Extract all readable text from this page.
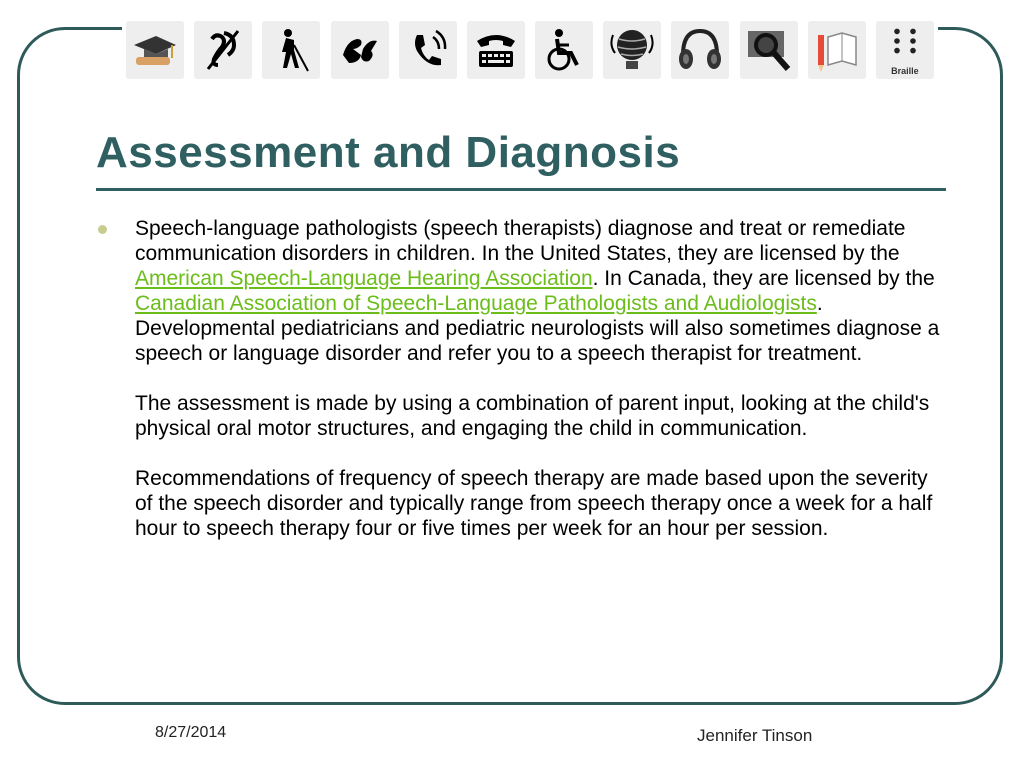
Braille
Assessment and Diagnosis

Speech-language pathologists (speech therapists) diagnose and treat or remediate communication disorders in children. In the United States, they are licensed by the American Speech-Language Hearing Association. In Canada, they are licensed by the Canadian Association of Speech-Language Pathologists and Audiologists. Developmental pediatricians and pediatric neurologists will also sometimes diagnose a speech or language disorder and refer you to a speech therapist for treatment.

The assessment is made by using a combination of parent input, looking at the child's physical oral motor structures, and engaging the child in communication.

Recommendations of frequency of speech therapy are made based upon the severity of the speech disorder and typically range from speech therapy once a week for a half hour to speech therapy four or five times per week for an hour per session.

8/27/2014	Jennifer Tinson
